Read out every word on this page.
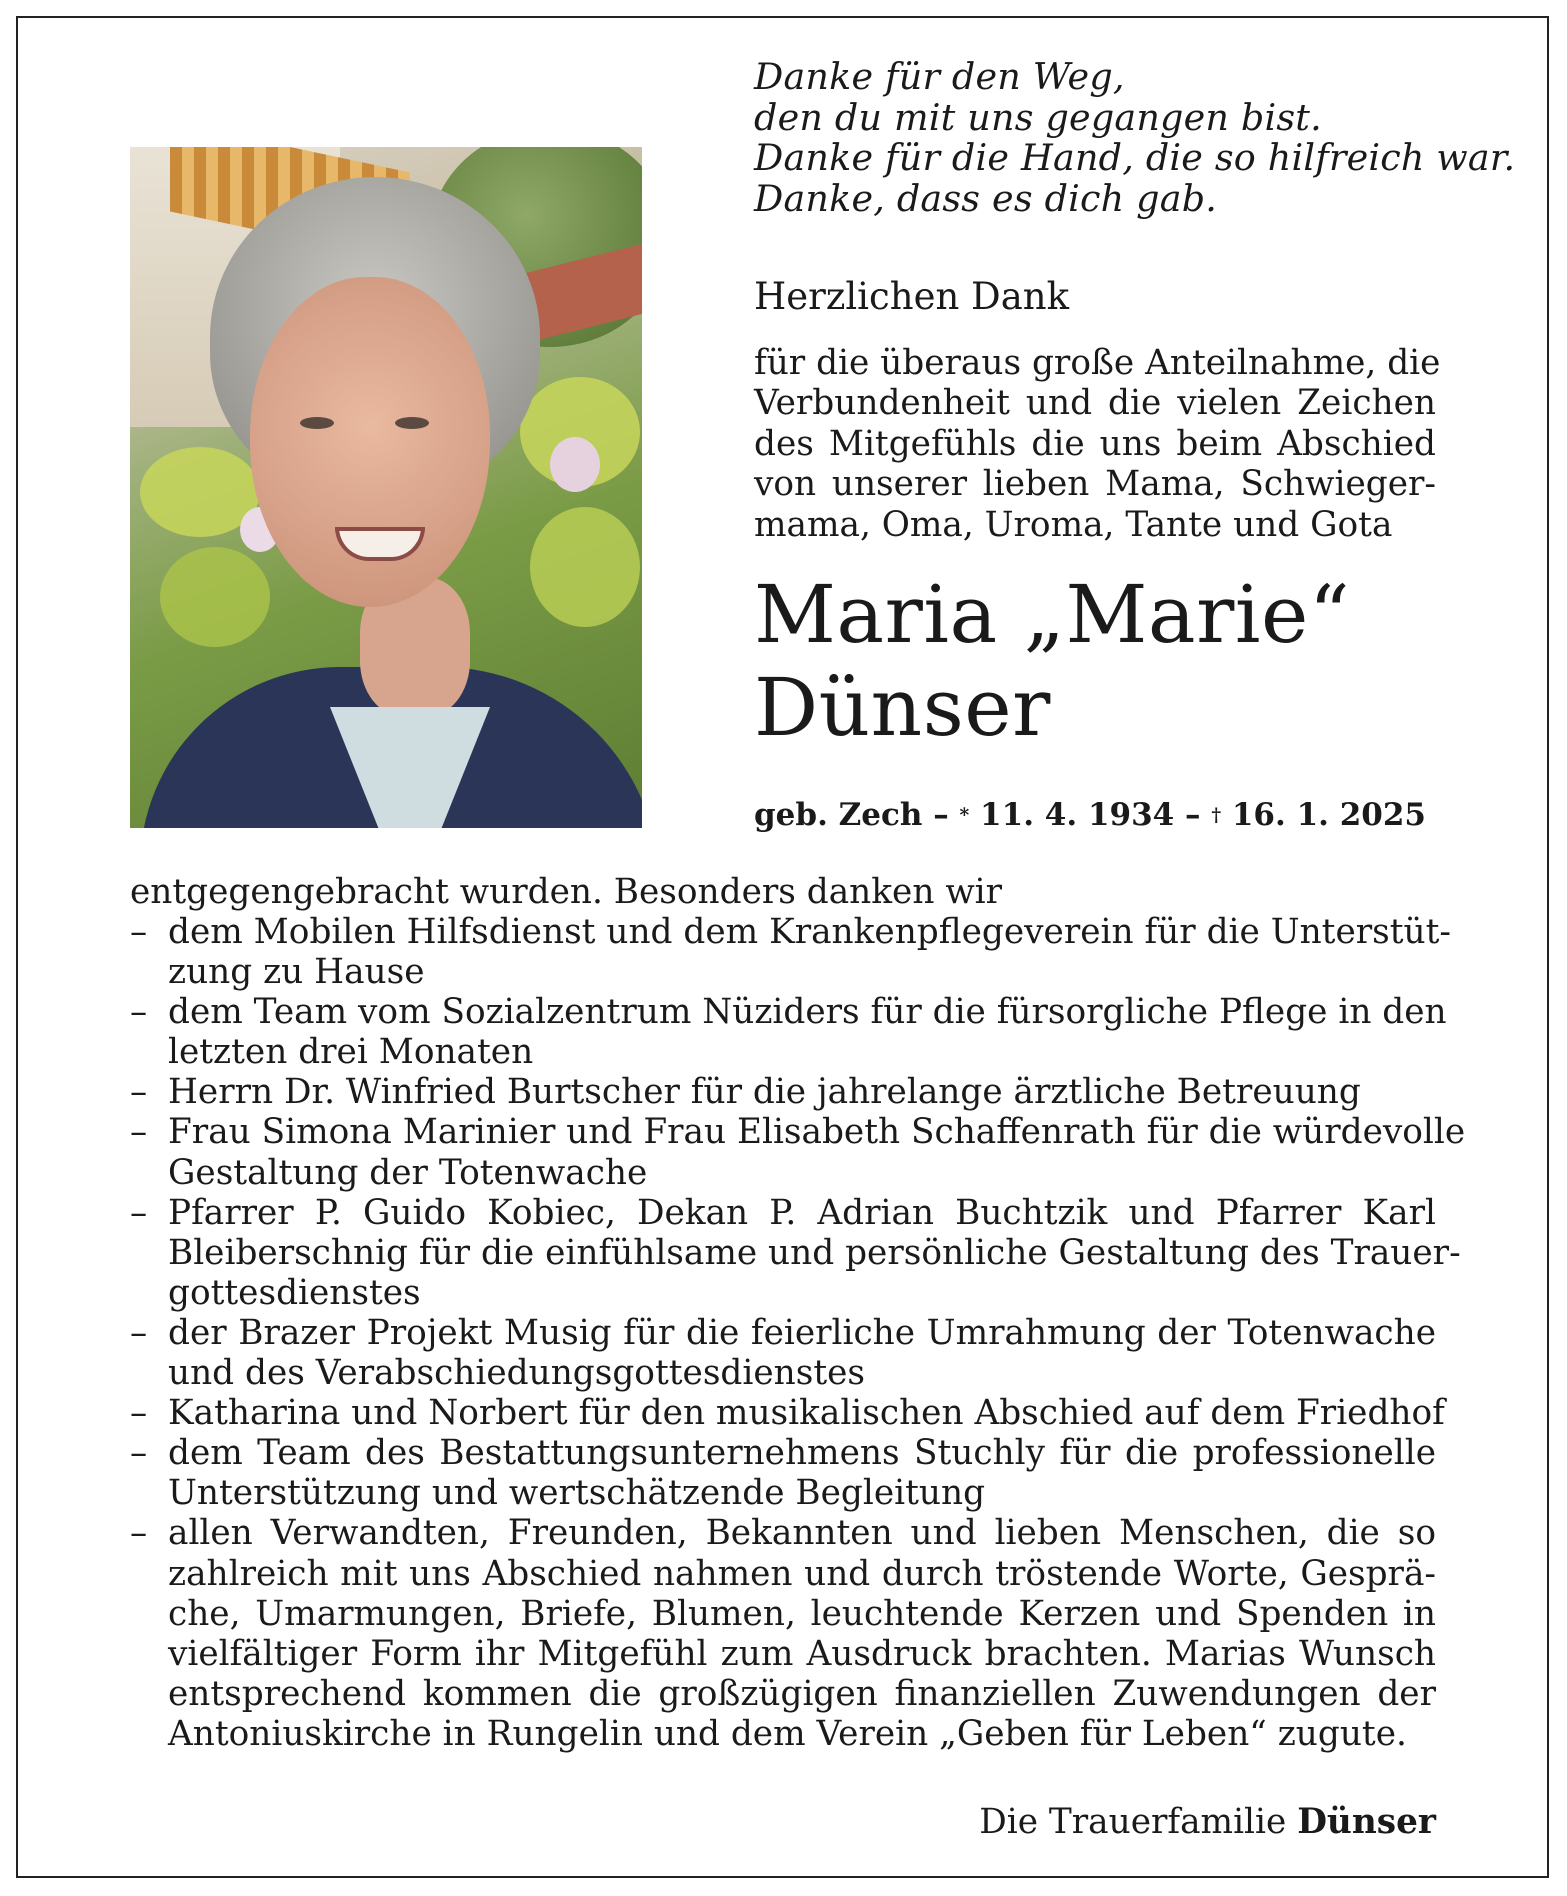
Danke für den Weg,
den du mit uns gegangen bist.
Danke für die Hand, die so hilfreich war.
Danke, dass es dich gab.
Herzlichen Dank
für die überaus große Anteilnahme, die
Verbundenheit und die vielen Zeichen
des Mitgefühls die uns beim Abschied
von unserer lieben Mama, Schwieger-
mama, Oma, Uroma, Tante und Gota
Maria „Marie“
Dünser
geb. Zech – * 11. 4. 1934 – † 16. 1. 2025
entgegengebracht wurden. Besonders danken wir
– dem Mobilen Hilfsdienst und dem Krankenpflegeverein für die Unterstüt-
zung zu Hause
– dem Team vom Sozialzentrum Nüziders für die fürsorgliche Pflege in den
letzten drei Monaten
– Herrn Dr. Winfried Burtscher für die jahrelange ärztliche Betreuung
– Frau Simona Marinier und Frau Elisabeth Schaffenrath für die würdevolle
Gestaltung der Totenwache
– Pfarrer P. Guido Kobiec, Dekan P. Adrian Buchtzik und Pfarrer Karl
Bleiberschnig für die einfühlsame und persönliche Gestaltung des Trauer-
gottesdienstes
– der Brazer Projekt Musig für die feierliche Umrahmung der Totenwache
und des Verabschiedungsgottesdienstes
– Katharina und Norbert für den musikalischen Abschied auf dem Friedhof
– dem Team des Bestattungsunternehmens Stuchly für die professionelle
Unterstützung und wertschätzende Begleitung
– allen Verwandten, Freunden, Bekannten und lieben Menschen, die so
zahlreich mit uns Abschied nahmen und durch tröstende Worte, Gesprä-
che, Umarmungen, Briefe, Blumen, leuchtende Kerzen und Spenden in
vielfältiger Form ihr Mitgefühl zum Ausdruck brachten. Marias Wunsch
entsprechend kommen die großzügigen finanziellen Zuwendungen der
Antoniuskirche in Rungelin und dem Verein „Geben für Leben“ zugute.
Die Trauerfamilie Dünser
